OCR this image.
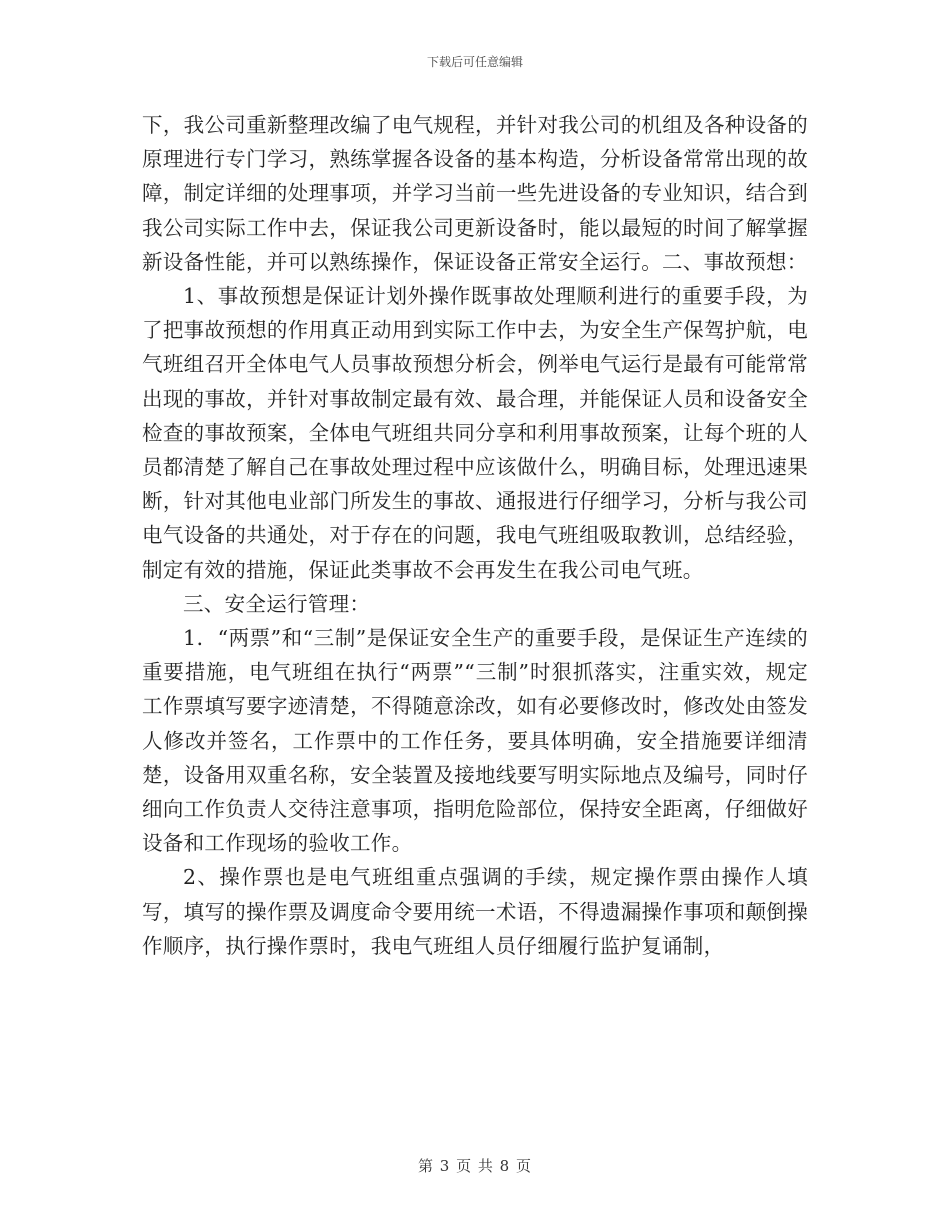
下载后可任意编辑

下，我公司重新整理改编了电气规程，并针对我公司的机组及各种设备的原理进行专门学习，熟练掌握各设备的基本构造，分析设备常常出现的故障，制定详细的处理事项，并学习当前一些先进设备的专业知识，结合到我公司实际工作中去，保证我公司更新设备时，能以最短的时间了解掌握新设备性能，并可以熟练操作，保证设备正常安全运行。二、事故预想：

1、事故预想是保证计划外操作既事故处理顺利进行的重要手段，为了把事故预想的作用真正动用到实际工作中去，为安全生产保驾护航，电气班组召开全体电气人员事故预想分析会，例举电气运行是最有可能常常出现的事故，并针对事故制定最有效、最合理，并能保证人员和设备安全检查的事故预案，全体电气班组共同分享和利用事故预案，让每个班的人员都清楚了解自己在事故处理过程中应该做什么，明确目标，处理迅速果断，针对其他电业部门所发生的事故、通报进行仔细学习，分析与我公司电气设备的共通处，对于存在的问题，我电气班组吸取教训，总结经验，制定有效的措施，保证此类事故不会再发生在我公司电气班。

三、安全运行管理：

1．“两票”和“三制”是保证安全生产的重要手段，是保证生产连续的重要措施，电气班组在执行“两票”“三制”时狠抓落实，注重实效，规定工作票填写要字迹清楚，不得随意涂改，如有必要修改时，修改处由签发人修改并签名，工作票中的工作任务，要具体明确，安全措施要详细清楚，设备用双重名称，安全装置及接地线要写明实际地点及编号，同时仔细向工作负责人交待注意事项，指明危险部位，保持安全距离，仔细做好设备和工作现场的验收工作。

2、操作票也是电气班组重点强调的手续，规定操作票由操作人填写，填写的操作票及调度命令要用统一术语，不得遗漏操作事项和颠倒操作顺序，执行操作票时，我电气班组人员仔细履行监护复诵制，

第 3 页 共 8 页
